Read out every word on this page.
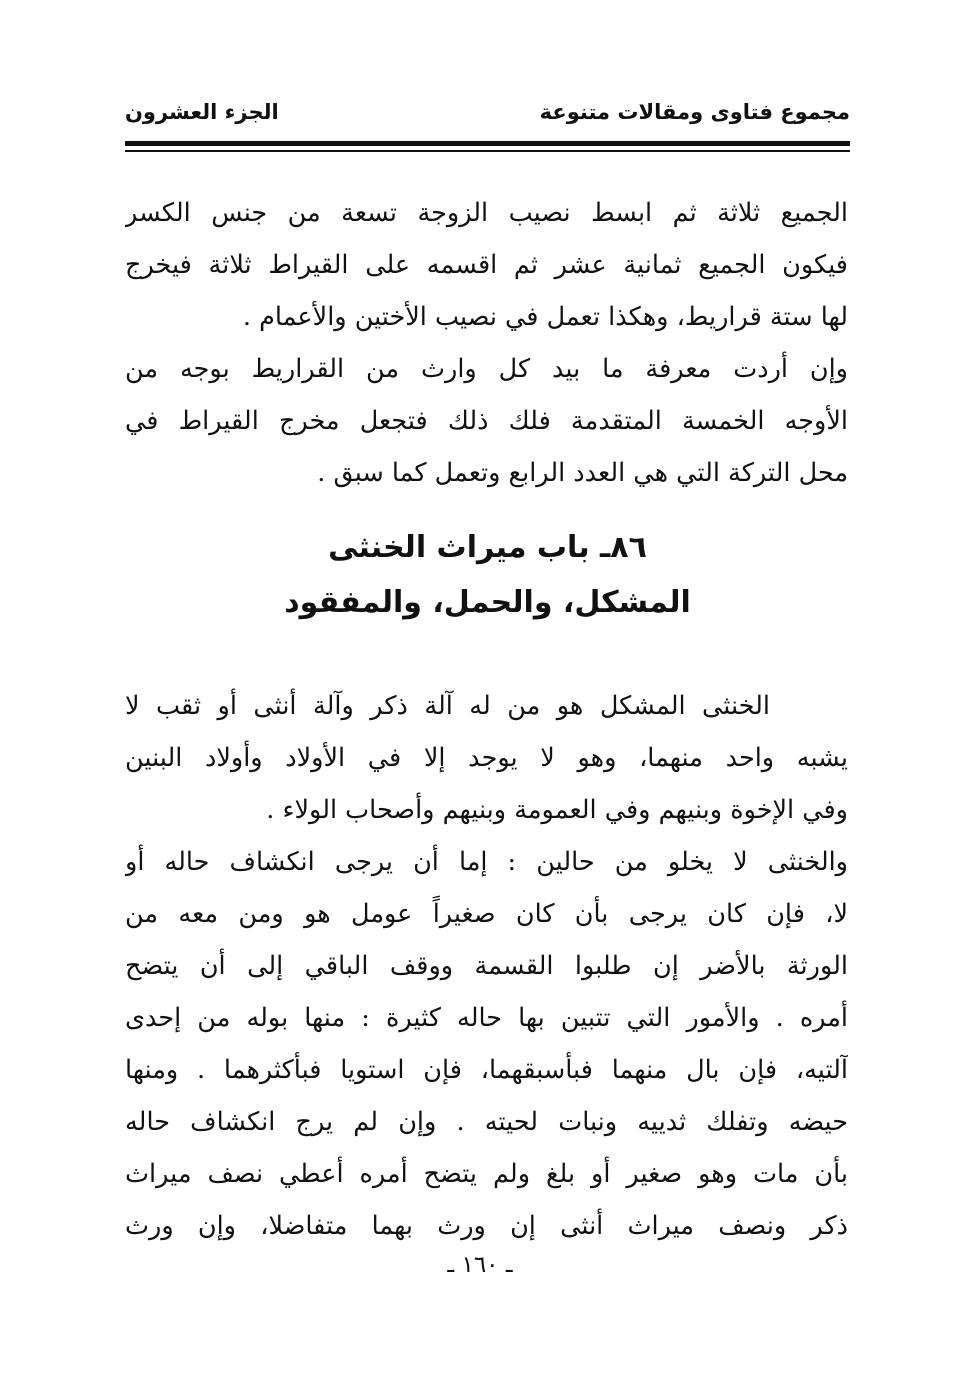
مجموع فتاوى ومقالات متنوعة
الجزء العشرون
الجميع ثلاثة ثم ابسط نصيب الزوجة تسعة من جنس الكسر
فيكون الجميع ثمانية عشر ثم اقسمه على القيراط ثلاثة فيخرج
لها ستة قراريط، وهكذا تعمل في نصيب الأختين والأعمام .
وإن أردت معرفة ما بيد كل وارث من القراريط بوجه من
الأوجه الخمسة المتقدمة فلك ذلك فتجعل مخرج القيراط في
محل التركة التي هي العدد الرابع وتعمل كما سبق .
٨٦ـ باب ميراث الخنثى
المشكل، والحمل، والمفقود
الخنثى المشكل هو من له آلة ذكر وآلة أنثى أو ثقب لا
يشبه واحد منهما، وهو لا يوجد إلا في الأولاد وأولاد البنين
وفي الإخوة وبنيهم وفي العمومة وبنيهم وأصحاب الولاء .
والخنثى لا يخلو من حالين : إما أن يرجى انكشاف حاله أو
لا، فإن كان يرجى بأن كان صغيراً عومل هو ومن معه من
الورثة بالأضر إن طلبوا القسمة ووقف الباقي إلى أن يتضح
أمره . والأمور التي تتبين بها حاله كثيرة : منها بوله من إحدى
آلتيه، فإن بال منهما فبأسبقهما، فإن استويا فبأكثرهما . ومنها
حيضه وتفلك ثدييه ونبات لحيته . وإن لم يرج انكشاف حاله
بأن مات وهو صغير أو بلغ ولم يتضح أمره أعطي نصف ميراث
ذكر ونصف ميراث أنثى إن ورث بهما متفاضلا، وإن ورث
ـ ١٦٠ ـ
